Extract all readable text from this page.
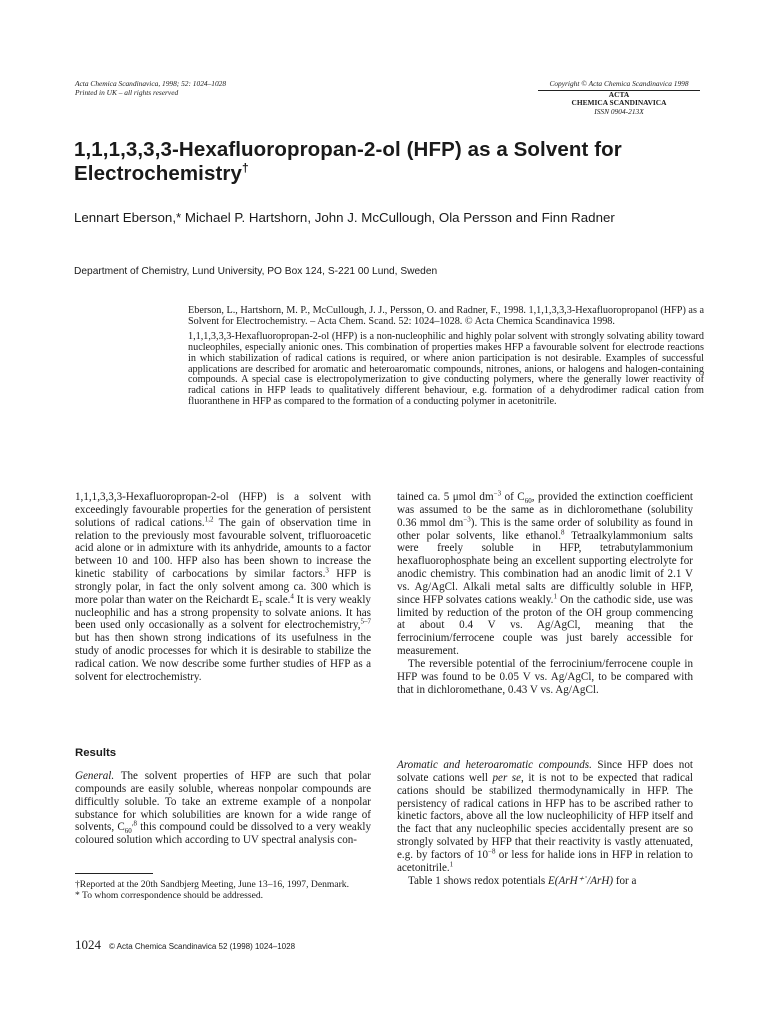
Acta Chemica Scandinavica, 1998; 52: 1024–1028
Printed in UK – all rights reserved
Copyright © Acta Chemica Scandinavica 1998
ACTA
CHEMICA SCANDINAVICA
ISSN 0904-213X
1,1,1,3,3,3-Hexafluoropropan-2-ol (HFP) as a Solvent for Electrochemistry†
Lennart Eberson,* Michael P. Hartshorn, John J. McCullough, Ola Persson and Finn Radner
Department of Chemistry, Lund University, PO Box 124, S-221 00 Lund, Sweden

Eberson, L., Hartshorn, M. P., McCullough, J. J., Persson, O. and Radner, F., 1998. 1,1,1,3,3,3-Hexafluoropropanol (HFP) as a Solvent for Electrochemistry. – Acta Chem. Scand. 52: 1024–1028. © Acta Chemica Scandinavica 1998.

1,1,1,3,3,3-Hexafluoropropan-2-ol (HFP) is a non-nucleophilic and highly polar solvent with strongly solvating ability toward nucleophiles, especially anionic ones. This combination of properties makes HFP a favourable solvent for electrode reactions in which stabilization of radical cations is required, or where anion participation is not desirable. Examples of successful applications are described for aromatic and heteroaromatic compounds, nitrones, anions, or halogens and halogen-containing compounds. A special case is electropolymerization to give conducting polymers, where the generally lower reactivity of radical cations in HFP leads to qualitatively different behaviour, e.g. formation of a dehydrodimer radical cation from fluoranthene in HFP as compared to the formation of a conducting polymer in acetonitrile.

1,1,1,3,3,3-Hexafluoropropan-2-ol (HFP) is a solvent with exceedingly favourable properties for the generation of persistent solutions of radical cations.$^{1,2}$ The gain of observation time in relation to the previously most favourable solvent, trifluoroacetic acid alone or in admixture with its anhydride, amounts to a factor between 10 and 100. HFP also has been shown to increase the kinetic stability of carbocations by similar factors.$^3$ HFP is strongly polar, in fact the only solvent among ca. 300 which is more polar than water on the Reichardt $E_T$ scale.$^4$ It is very weakly nucleophilic and has a strong propensity to solvate anions. It has been used only occasionally as a solvent for electrochemistry,$^{5-7}$ but has then shown strong indications of its usefulness in the study of anodic processes for which it is desirable to stabilize the radical cation. We now describe some further studies of HFP as a solvent for electrochemistry.

Results

General. The solvent properties of HFP are such that polar compounds are easily soluble, whereas nonpolar compounds are difficultly soluble. To take an extreme example of a nonpolar substance for which solubilities are known for a wide range of solvents, $C_{60}^{,8}$ this compound could be dissolved to a very weakly coloured solution which according to UV spectral analysis con-

tained ca. 5 μmol $dm^{-3}$ of $C_{60}$, provided the extinction coefficient was assumed to be the same as in dichloromethane (solubility 0.36 mmol $dm^{-3}$). This is the same order of solubility as found in other polar solvents, like ethanol.$^8$ Tetraalkylammonium salts were freely soluble in HFP, tetrabutylammonium hexafluorophosphate being an excellent supporting electrolyte for anodic chemistry. This combination had an anodic limit of 2.1 V vs. Ag/AgCl. Alkali metal salts are difficultly soluble in HFP, since HFP solvates cations weakly.$^1$ On the cathodic side, use was limited by reduction of the proton of the OH group commencing at about 0.4 V vs. Ag/AgCl, meaning that the ferrocinium/ferrocene couple was just barely accessible for measurement.

The reversible potential of the ferrocinium/ferrocene couple in HFP was found to be 0.05 V vs. Ag/AgCl, to be compared with that in dichloromethane, 0.43 V vs. Ag/AgCl.

Aromatic and heteroaromatic compounds. Since HFP does not solvate cations well per se, it is not to be expected that radical cations should be stabilized thermodynamically in HFP. The persistency of radical cations in HFP has to be ascribed rather to kinetic factors, above all the low nucleophilicity of HFP itself and the fact that any nucleophilic species accidentally present are so strongly solvated by HFP that their reactivity is vastly attenuated, e.g. by factors of $10^{-8}$ or less for halide ions in HFP in relation to acetonitrile.$^1$

Table 1 shows redox potentials E(ArH⁺˙/ArH) for a

†Reported at the 20th Sandbjerg Meeting, June 13–16, 1997, Denmark.

* To whom correspondence should be addressed.

1024 © Acta Chemica Scandinavica 52 (1998) 1024–1028
